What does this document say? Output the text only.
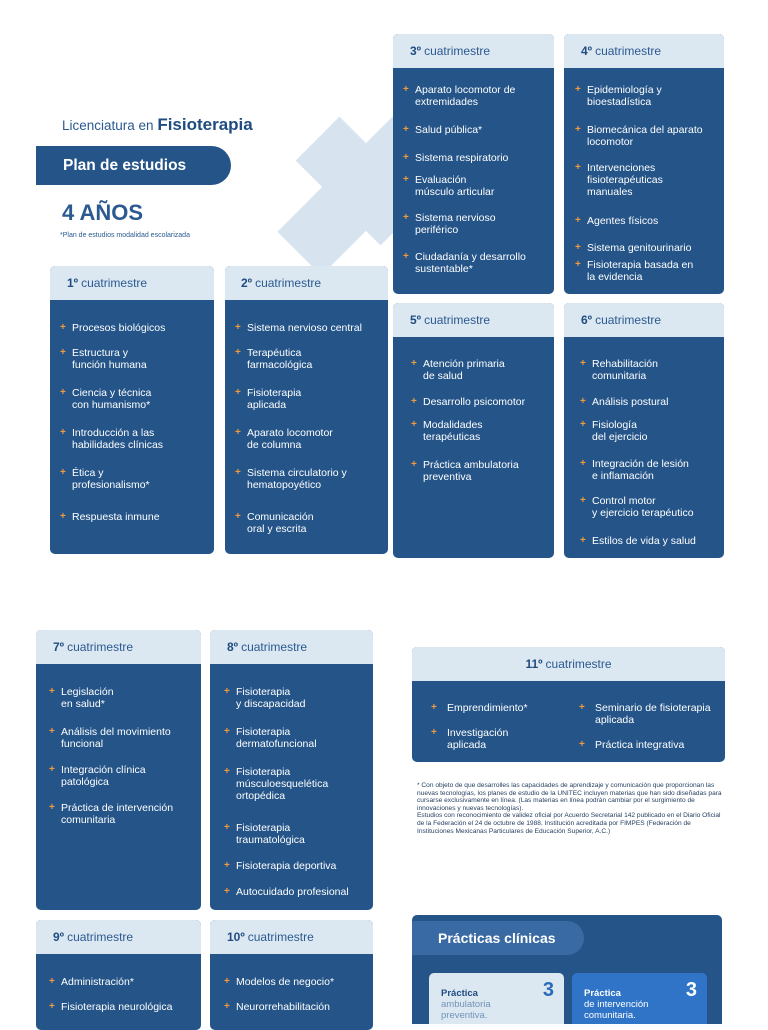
Licenciatura en Fisioterapia
Plan de estudios
4 AÑOS
*Plan de estudios modalidad escolarizada
1º cuatrimestre
+ Procesos biológicos
+ Estructura y
función humana
+ Ciencia y técnica
con humanismo*
+ Introducción a las
habilidades clínicas
+ Ética y
profesionalismo*
+ Respuesta inmune
2º cuatrimestre
+ Sistema nervioso central
+ Terapéutica
farmacológica
+ Fisioterapia
aplicada
+ Aparato locomotor
de columna
+ Sistema circulatorio y
hematopoyético
+ Comunicación
oral y escrita
3º cuatrimestre
+ Aparato locomotor de
extremidades
+ Salud pública*
+ Sistema respiratorio
+ Evaluación
músculo articular
+ Sistema nervioso
periférico
+ Ciudadanía y desarrollo
sustentable*
4º cuatrimestre
+ Epidemiología y
bioestadística
+ Biomecánica del aparato
locomotor
+ Intervenciones
fisioterapéuticas
manuales
+ Agentes físicos
+ Sistema genitourinario
+ Fisioterapia basada en
la evidencia
5º cuatrimestre
+ Atención primaria
de salud
+ Desarrollo psicomotor
+ Modalidades
terapéuticas
+ Práctica ambulatoria
preventiva
6º cuatrimestre
+ Rehabilitación
comunitaria
+ Análisis postural
+ Fisiología
del ejercicio
+ Integración de lesión
e inflamación
+ Control motor
y ejercicio terapéutico
+ Estilos de vida y salud
7º cuatrimestre
+ Legislación
en salud*
+ Análisis del movimiento
funcional
+ Integración clínica
patológica
+ Práctica de intervención
comunitaria
8º cuatrimestre
+ Fisioterapia
y discapacidad
+ Fisioterapia
dermatofuncional
+ Fisioterapia
músculoesquelética
ortopédica
+ Fisioterapia
traumatológica
+ Fisioterapia deportiva
+ Autocuidado profesional
9º cuatrimestre
+ Administración*
+ Fisioterapia neurológica
10º cuatrimestre
+ Modelos de negocio*
+ Neurorrehabilitación
11º cuatrimestre
+ Emprendimiento*
+ Investigación
aplicada
+ Seminario de fisioterapia
aplicada
+ Práctica integrativa

* Con objeto de que desarrolles las capacidades de aprendizaje y comunicación que proporcionan las nuevas tecnologías, los planes de estudio de la UNITEC incluyen materias que han sido diseñadas para cursarse exclusivamente en línea. (Las materias en línea podrán cambiar por el surgimiento de innovaciones y nuevas tecnologías).

Estudios con reconocimiento de validez oficial por Acuerdo Secretarial 142 publicado en el Diario Oficial de la Federación el 24 de octubre de 1988. Institución acreditada por FIMPES (Federación de Instituciones Mexicanas Particulares de Educación Superior, A.C.)

Prácticas clínicas
Práctica
ambulatoria
preventiva.
3	Práctica
de intervención
comunitaria.
3
